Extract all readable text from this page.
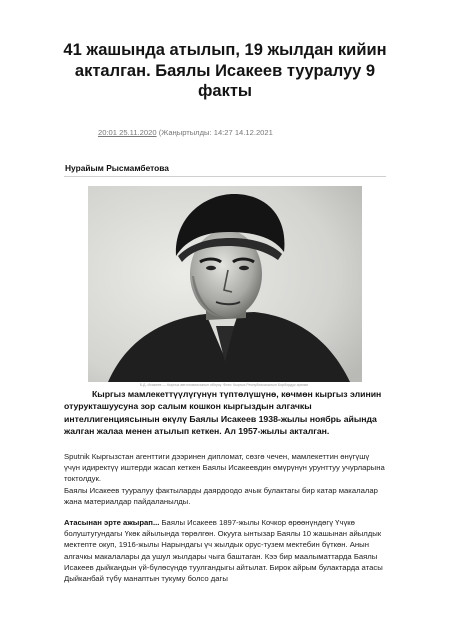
41 жашында атылып, 19 жылдан кийин акталган. Баялы Исакеев тууралуу 9 факты
20:01 25.11.2020 (Жаңыртылды: 14:27 14.12.2021
Нурайым Рысмамбетова
Б.Д. Исакеев — Кыргыз автономиясынын облусу. Фото: Кыргыз Республикасынын Борбордук архиви

Кыргыз мамлекеттүүлүгүнүн түптөлүшүнө, көчмөн кыргыз элинин отурукташуусуна зор салым кошкон кыргыздын алгачкы интеллигенциясынын өкүлү Баялы Исакеев 1938-жылы ноябрь айында жалган жалаа менен атылып кеткен. Ал 1957-жылы акталган.

Sputnik Кыргызстан агенттиги дээринен дипломат, сөзгө чечен, мамлекеттин өнүгүшү үчүн идиректүү иштерди жасап кеткен Баялы Исакеевдин өмүрүнүн урунттуу учурларына токтолдук.

Баялы Исакеев тууралуу фактыларды даярдоодо ачык булактагы бир катар макалалар жана материалдар пайдаланылды.

Атасынан эрте ажырап... Баялы Исакеев 1897-жылы Кочкор өрөөнүндөгү Үчүкө болуштугундагы Үкөк айылында төрөлгөн. Окууга ынтызар Баялы 10 жашынан айылдык мектепте окуп, 1916-жылы Нарындагы үч жылдык орус-тузем мектебин бүткөн. Анын алгачкы макалалары да ушул жылдары чыга баштаган. Кээ бир маалыматтарда Баялы Исакеев дыйкандын үй-бүлөсүндө туулгандыгы айтылат. Бирок айрым булактарда атасы Дыйканбай түбү манаптын тукуму болсо дагы
